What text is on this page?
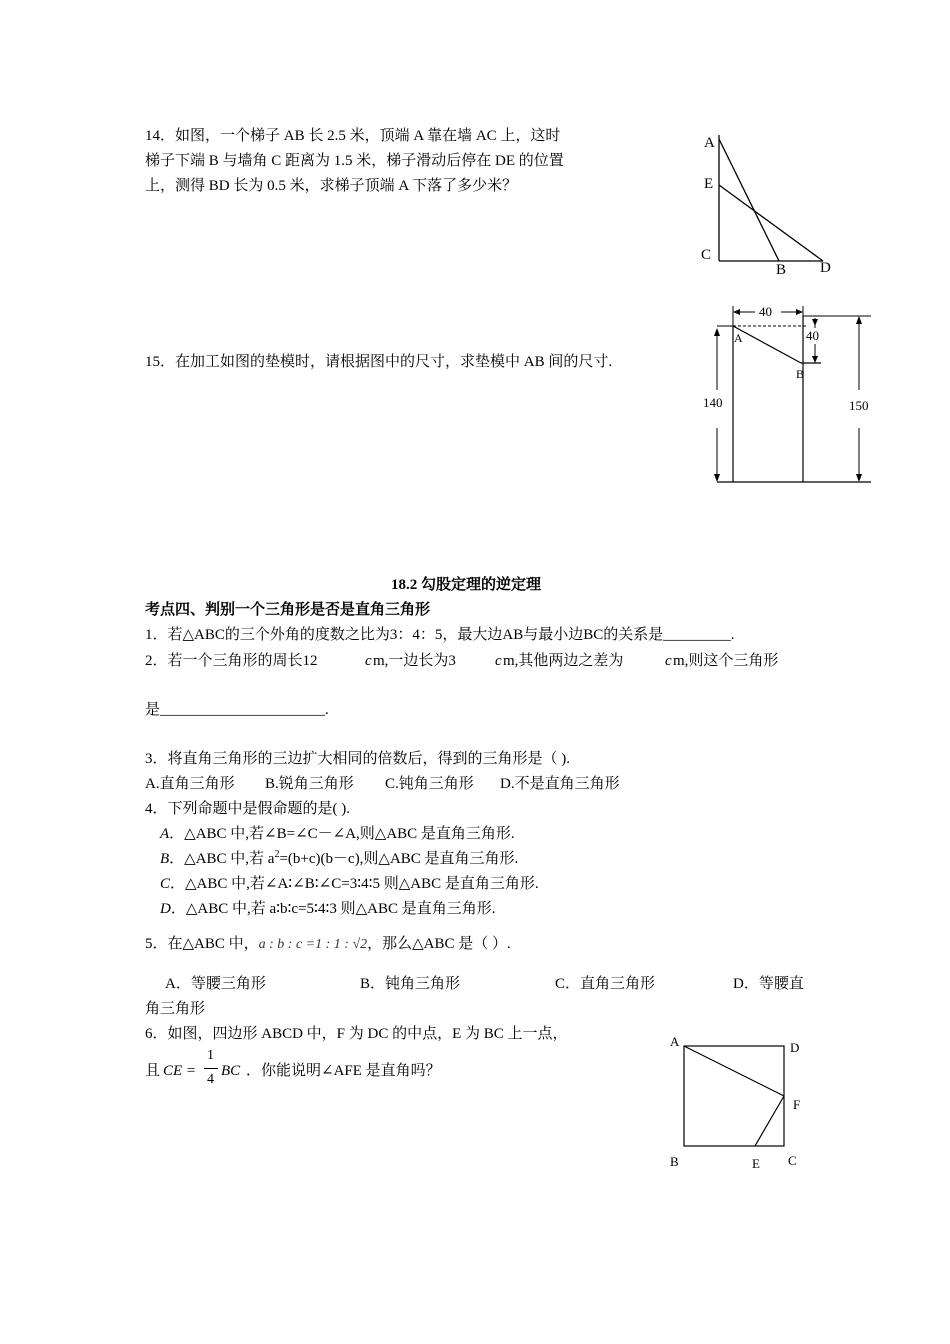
14．如图，一个梯子 AB 长 2.5 米，顶端 A 靠在墙 AC 上，这时
梯子下端 B 与墙角 C 距离为 1.5 米，梯子滑动后停在 DE 的位置
上，测得 BD 长为 0.5 米，求梯子顶端 A 下落了多少米？
A
E
C
B D
15．在加工如图的垫模时，请根据图中的尺寸，求垫模中 AB 间的尺寸.
40
40
A
B
140	150
18.2 勾股定理的逆定理
考点四、判别一个三角形是否是直角三角形
1．若△ABC的三个外角的度数之比为3：4：5，最大边AB与最小边BC的关系是_________.
2．若一个三角形的周长12	c m,一边长为3	c m,其他两边之差为	c m,则这个三角形
是______________________.
3．将直角三角形的三边扩大相同的倍数后，得到的三角形是（ ).
A.直角三角形 B.锐角三角形 C.钝角三角形 D.不是直角三角形
4．下列命题中是假命题的是( ).
A．△ABC 中,若∠B=∠C－∠A,则△ABC 是直角三角形.
B．△ABC 中,若 $a^2=(b+c)(b-c)$,则△ABC 是直角三角形.
C．△ABC 中,若∠A∶∠B∶∠C=3∶4∶5 则△ABC 是直角三角形.
D．△ABC 中,若 a∶b∶c=5∶4∶3 则△ABC 是直角三角形.
5．在△ABC 中，a : b : c =1 : 1 : √2，那么△ABC 是（ ）.
A．等腰三角形	B．钝角三角形	C．直角三角形	D．等腰直
角三角形
6．如图，四边形 ABCD 中，F 为 DC 的中点，E 为 BC 上一点，
且 CE =
1
4
BC ．你能说明∠AFE 是直角吗？
A	D
F
B	E C
